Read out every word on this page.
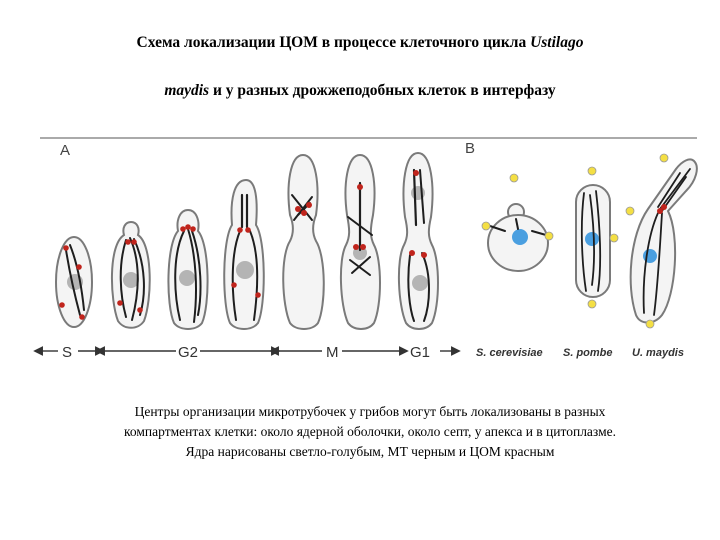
Схема локализации ЦОМ в процессе клеточного цикла Ustilago
maydis и у разных дрожжеподобных клеток в интерфазу
A	B
S	G2	M	G1	S. cerevisiae S. pombe U. maydis
Центры организации микротрубочек у грибов могут быть локализованы в разных
компартментах клетки: около ядерной оболочки, около септ, у апекса и в цитоплазме.
Ядра нарисованы светло-голубым, МТ черным и ЦОМ красным
